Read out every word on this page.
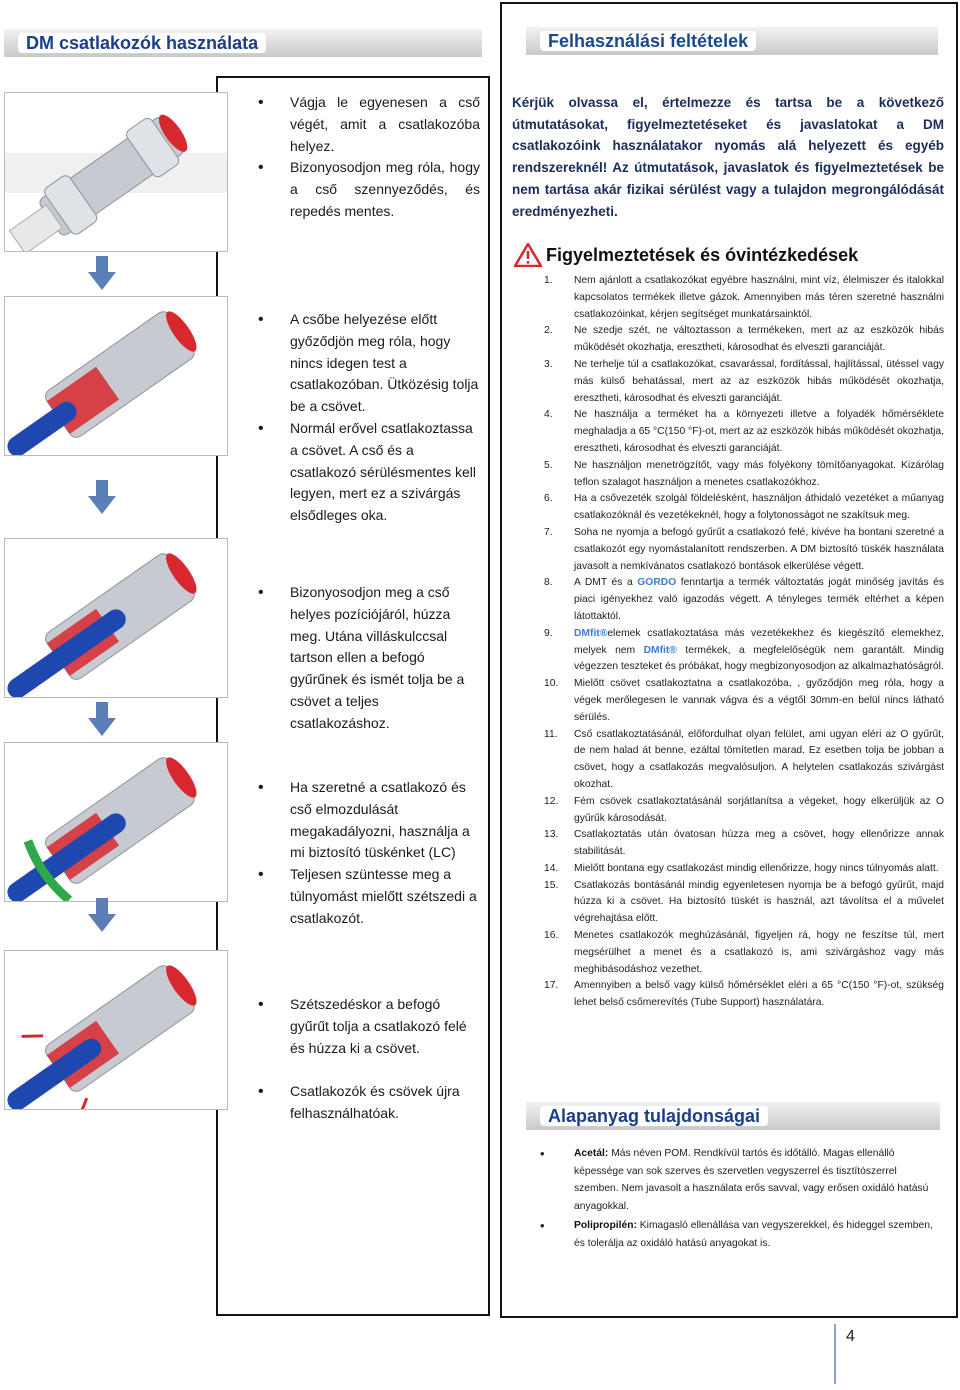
DM csatlakozók használata
• Vágja le egyenesen a cső végét, amit a csatlakozóba helyez.
• Bizonyosodjon meg róla, hogy a cső szennyeződés, és repedés mentes.
• A csőbe helyezése előtt győződjön meg róla, hogy nincs idegen test a csatlakozóban. Ütközésig tolja be a csövet.
• Normál erővel csatlakoztassa a csövet. A cső és a csatlakozó sérülésmentes kell legyen, mert ez a szivárgás elsődleges oka.
• Bizonyosodjon meg a cső helyes pozíciójáról, húzza meg. Utána villáskulccsal tartson ellen a befogó gyűrűnek és ismét tolja be a csövet a teljes csatlakozáshoz.
• Ha szeretné a csatlakozó és cső elmozdulását megakadályozni, használja a mi biztosító tüskénket (LC)
• Teljesen szüntesse meg a túlnyomást mielőtt szétszedi a csatlakozót.
• Szétszedéskor a befogó gyűrűt tolja a csatlakozó felé és húzza ki a csövet.
• Csatlakozók és csövek újra felhasználhatóak.
Felhasználási feltételek
Kérjük olvassa el, értelmezze és tartsa be a következő útmutatásokat, figyelmeztetéseket és javaslatokat a DM csatlakozóink használatakor nyomás alá helyezett és egyéb rendszereknél! Az útmutatások, javaslatok és figyelmeztetések be nem tartása akár fizikai sérülést vagy a tulajdon megrongálódását eredményezheti.
Figyelmeztetések és óvintézkedések
1.	Nem ajánlott a csatlakozókat egyébre használni, mint víz, élelmiszer és italokkal kapcsolatos termékek illetve gázok. Amennyiben más téren szeretné használni csatlakozóinkat, kérjen segítséget munkatársainktól.
2.	Ne szedje szét, ne változtasson a termékeken, mert az az eszközök hibás működését okozhatja, eresztheti, károsodhat és elveszti garanciáját.
3.	Ne terhelje túl a csatlakozókat, csavarással, fordítással, hajlítással, ütéssel vagy más külső behatással, mert az az eszközök hibás működését okozhatja, eresztheti, károsodhat és elveszti garanciáját.
4.	Ne használja a terméket ha a környezeti illetve a folyadék hőmérséklete meghaladja a 65 °C(150 °F)-ot, mert az az eszközök hibás működését okozhatja, eresztheti, károsodhat és elveszti garanciáját.
5.	Ne használjon menetrögzítőt, vagy más folyékony tömítőanyagokat. Kizárólag teflon szalagot használjon a menetes csatlakozókhoz.
6.	Ha a csővezeték szolgál földelésként, használjon áthidaló vezetéket a műanyag csatlakozóknál és vezetékeknél, hogy a folytonosságot ne szakítsuk meg.
7.	Soha ne nyomja a befogó gyűrűt a csatlakozó felé, kivéve ha bontani szeretné a csatlakozót egy nyomástalanított rendszerben. A DM biztosító tüskék használata javasolt a nemkívánatos csatlakozó bontások elkerülése végett.
8.	A DMT és a GORDO fenntartja a termék változtatás jogát minőség javítás és piaci igényekhez való igazodás végett. A tényleges termék eltérhet a képen látottaktól.
9.	DMfit®elemek csatlakoztatása más vezetékekhez és kiegészítő elemekhez, melyek nem DMfit® termékek, a megfelelőségük nem garantált. Mindig végezzen teszteket és próbákat, hogy megbizonyosodjon az alkalmazhatóságról.
10.	Mielőtt csövet csatlakoztatna a csatlakozóba, , győződjön meg róla, hogy a végek merőlegesen le vannak vágva és a végtől 30mm-en belül nincs látható sérülés.
11.	Cső csatlakoztatásánál, előfordulhat olyan felület, ami ugyan eléri az O gyűrűt, de nem halad át benne, ezáltal tömítetlen marad. Ez esetben tolja be jobban a csövet, hogy a csatlakozás megvalósuljon. A helytelen csatlakozás szivárgást okozhat.
12.	Fém csövek csatlakoztatásánál sorjátlanítsa a végeket, hogy elkerüljük az O gyűrűk károsodását.
13.	Csatlakoztatás után óvatosan húzza meg a csövet, hogy ellenőrizze annak stabilitását.
14.	Mielőtt bontana egy csatlakozást mindig ellenőrizze, hogy nincs túlnyomás alatt.
15.	Csatlakozás bontásánál mindig egyenletesen nyomja be a befogó gyűrűt, majd húzza ki a csövet. Ha biztosító tüskét is használ, azt távolítsa el a művelet végrehajtása előtt.
16.	Menetes csatlakozók meghúzásánál, figyeljen rá, hogy ne feszítse túl, mert megsérülhet a menet és a csatlakozó is, ami szivárgáshoz vagy más meghibásodáshoz vezethet.
17.	Amennyiben a belső vagy külső hőmérséklet eléri a 65 °C(150 °F)-ot, szükség lehet belső csőmerevítés (Tube Support) használatára.
Alapanyag tulajdonságai
• Acetál: Más néven POM. Rendkívül tartós és időtálló. Magas ellenálló képessége van sok szerves és szervetlen vegyszerrel és tisztítószerrel szemben. Nem javasolt a használata erős savval, vagy erősen oxidáló hatású anyagokkal.
• Polipropilén: Kimagasló ellenállása van vegyszerekkel, és hideggel szemben, és tolerálja az oxidáló hatású anyagokat is.
4
